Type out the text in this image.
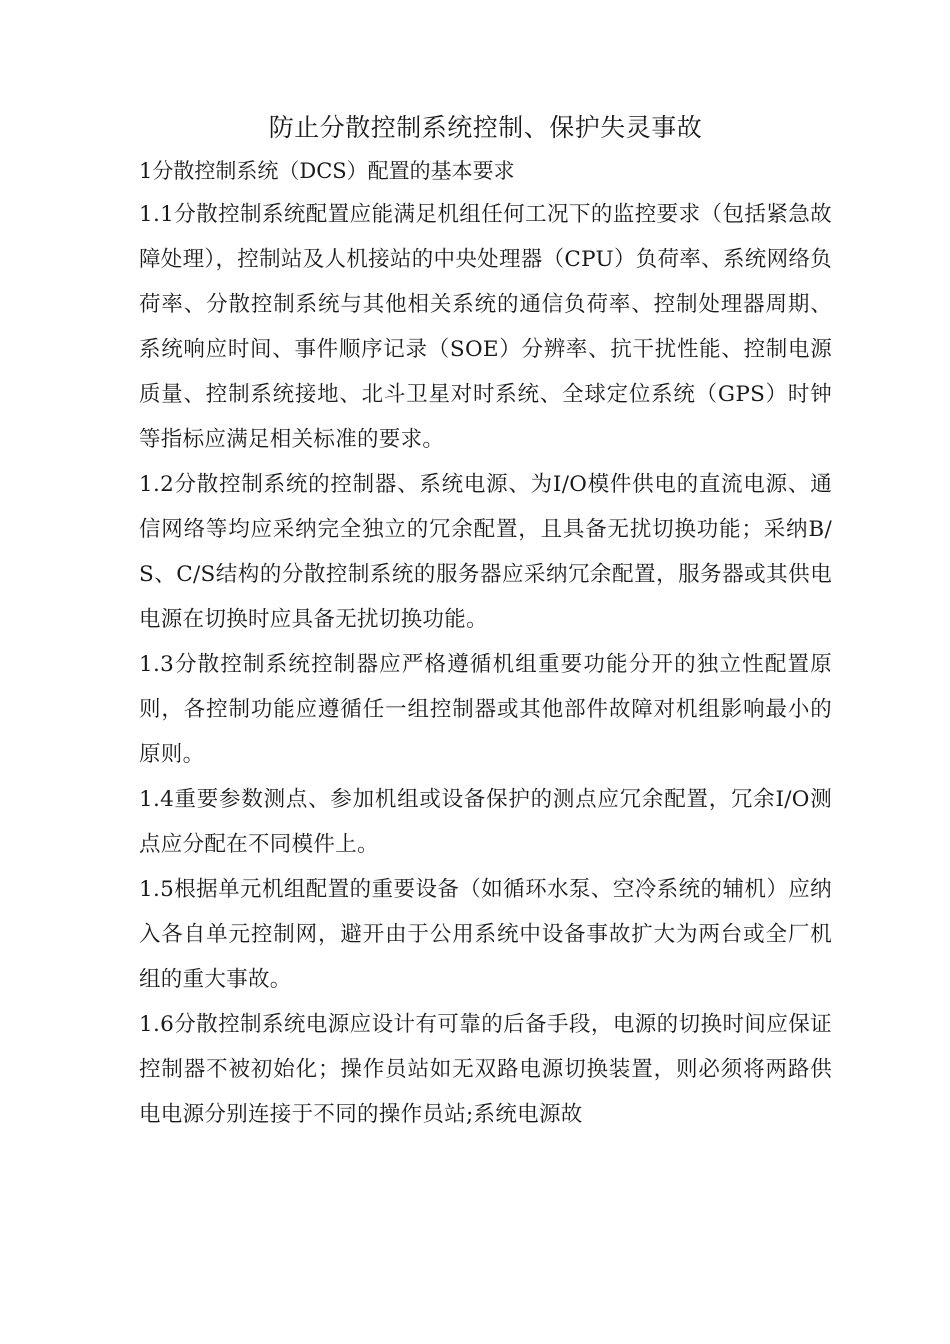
防止分散控制系统控制、保护失灵事故

1分散控制系统（DCS）配置的基本要求

1.1分散控制系统配置应能满足机组任何工况下的监控要求（包括紧急故障处理），控制站及人机接站的中央处理器（CPU）负荷率、系统网络负荷率、分散控制系统与其他相关系统的通信负荷率、控制处理器周期、系统响应时间、事件顺序记录（SOE）分辨率、抗干扰性能、控制电源质量、控制系统接地、北斗卫星对时系统、全球定位系统（GPS）时钟等指标应满足相关标准的要求。

1.2分散控制系统的控制器、系统电源、为I/O模件供电的直流电源、通信网络等均应采纳完全独立的冗余配置，且具备无扰切换功能；采纳B/S、C/S结构的分散控制系统的服务器应采纳冗余配置，服务器或其供电电源在切换时应具备无扰切换功能。

1.3分散控制系统控制器应严格遵循机组重要功能分开的独立性配置原则，各控制功能应遵循任一组控制器或其他部件故障对机组影响最小的原则。

1.4重要参数测点、参加机组或设备保护的测点应冗余配置，冗余I/O测点应分配在不同模件上。

1.5根据单元机组配置的重要设备（如循环水泵、空冷系统的辅机）应纳入各自单元控制网，避开由于公用系统中设备事故扩大为两台或全厂机组的重大事故。

1.6分散控制系统电源应设计有可靠的后备手段，电源的切换时间应保证控制器不被初始化；操作员站如无双路电源切换装置，则必须将两路供电电源分别连接于不同的操作员站;系统电源故
